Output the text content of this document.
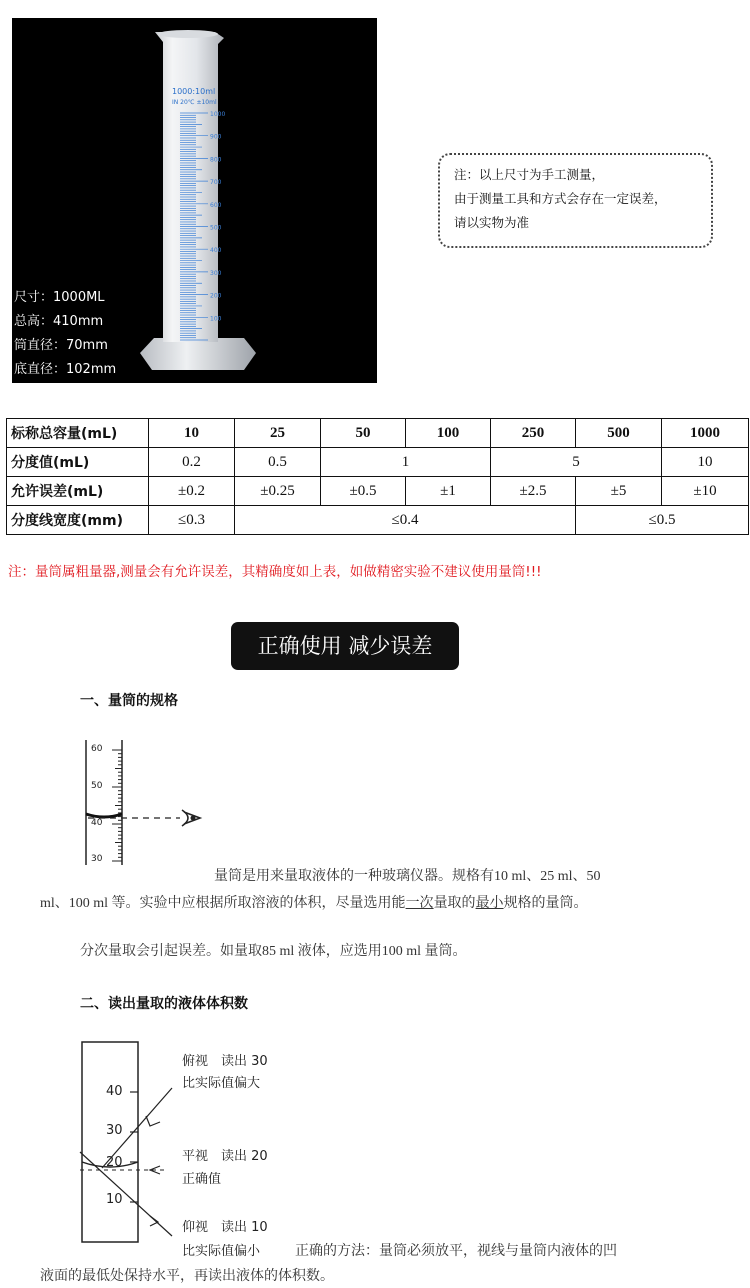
100
200
300
400
500
600
700
800
900
1000
1000:10ml
IN 20℃ ±10ml
尺寸：1000ML
总高：410mm
筒直径：70mm
底直径：102mm
克重：177g
注：以上尺寸为手工测量，
由于测量工具和方式会存在一定误差，
请以实物为准
标称总容量(mL)	10	25	50	100	250	500	1000
分度值(mL)	0.2	0.5	1		5		10
允许误差(mL)	±0.2	±0.25	±0.5	±1	±2.5	±5	±10
分度线宽度(mm)	≤0.3	≤0.4				≤0.5	
注：量筒属粗量器,测量会有允许误差，其精确度如上表，如做精密实验不建议使用量筒!!!
正确使用 减少误差
一、量筒的规格
60
50
40
30
量筒是用来量取液体的一种玻璃仪器。规格有10 ml、25 ml、50
ml、100 ml 等。实验中应根据所取溶液的体积，尽量选用能一次量取的最小规格的量筒。
分次量取会引起误差。如量取85 ml 液体，应选用100 ml 量筒。
二、读出量取的液体体积数
40
30
20
10
俯视　读出 30
比实际值偏大
平视　读出 20
正确值
仰视　读出 10
比实际值偏小 正确的方法：量筒必须放平，视线与量筒内液体的凹
液面的最低处保持水平，再读出液体的体积数。
